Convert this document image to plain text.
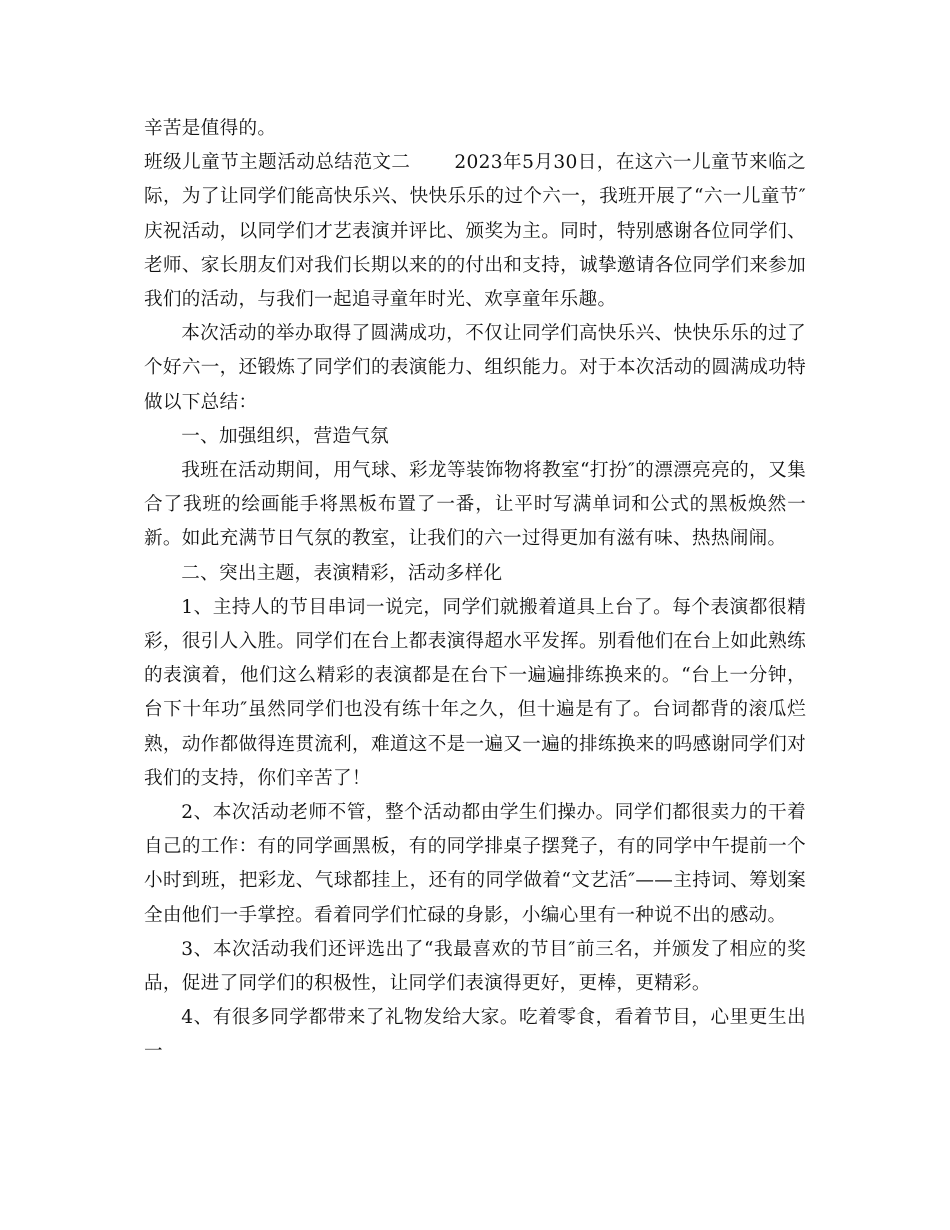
辛苦是值得的。

班级儿童节主题活动总结范文二 2023年5月30日，在这六一儿童节来临之际，为了让同学们能高快乐兴、快快乐乐的过个六一，我班开展了“六一儿童节″庆祝活动，以同学们才艺表演并评比、颁奖为主。同时，特别感谢各位同学们、老师、家长朋友们对我们长期以来的的付出和支持，诚挚邀请各位同学们来参加我们的活动，与我们一起追寻童年时光、欢享童年乐趣。

本次活动的举办取得了圆满成功，不仅让同学们高快乐兴、快快乐乐的过了个好六一，还锻炼了同学们的表演能力、组织能力。对于本次活动的圆满成功特做以下总结：

一、加强组织，营造气氛

我班在活动期间，用气球、彩龙等装饰物将教室“打扮″的漂漂亮亮的，又集合了我班的绘画能手将黑板布置了一番，让平时写满单词和公式的黑板焕然一新。如此充满节日气氛的教室，让我们的六一过得更加有滋有味、热热闹闹。

二、突出主题，表演精彩，活动多样化

1、主持人的节目串词一说完，同学们就搬着道具上台了。每个表演都很精彩，很引人入胜。同学们在台上都表演得超水平发挥。别看他们在台上如此熟练的表演着，他们这么精彩的表演都是在台下一遍遍排练换来的。“台上一分钟，台下十年功″虽然同学们也没有练十年之久，但十遍是有了。台词都背的滚瓜烂熟，动作都做得连贯流利，难道这不是一遍又一遍的排练换来的吗感谢同学们对我们的支持，你们辛苦了！

2、本次活动老师不管，整个活动都由学生们操办。同学们都很卖力的干着自己的工作：有的同学画黑板，有的同学排桌子摆凳子，有的同学中午提前一个小时到班，把彩龙、气球都挂上，还有的同学做着“文艺活″——主持词、筹划案全由他们一手掌控。看着同学们忙碌的身影，小编心里有一种说不出的感动。

3、本次活动我们还评选出了“我最喜欢的节目″前三名，并颁发了相应的奖品，促进了同学们的积极性，让同学们表演得更好，更棒，更精彩。

4、有很多同学都带来了礼物发给大家。吃着零食，看着节目，心里更生出一
